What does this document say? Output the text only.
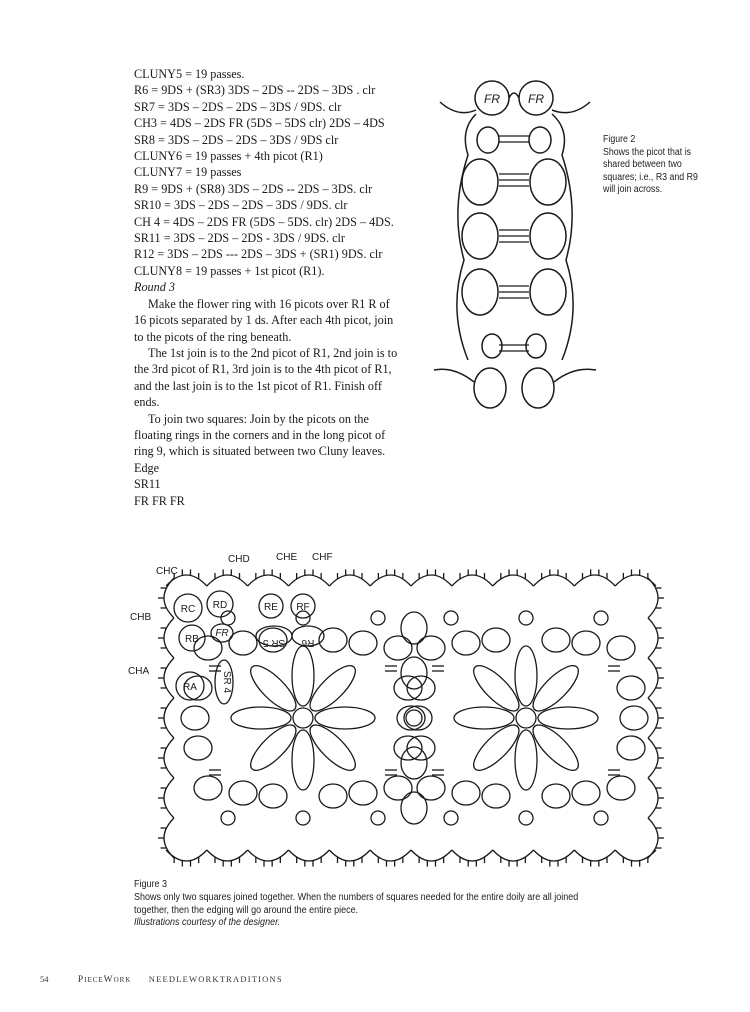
CLUNY5 = 19 passes.
R6 = 9DS + (SR3) 3DS – 2DS -- 2DS – 3DS . clr
SR7 = 3DS – 2DS – 2DS – 3DS / 9DS. clr
CH3 = 4DS – 2DS FR (5DS – 5DS clr) 2DS – 4DS
SR8 = 3DS – 2DS – 2DS – 3DS / 9DS clr
CLUNY6 = 19 passes + 4th picot (R1)
CLUNY7 = 19 passes
R9 = 9DS + (SR8) 3DS – 2DS -- 2DS – 3DS. clr
SR10 = 3DS – 2DS – 2DS – 3DS / 9DS. clr
CH 4 = 4DS – 2DS FR (5DS – 5DS. clr) 2DS – 4DS.
SR11 = 3DS – 2DS – 2DS - 3DS / 9DS. clr
R12 = 3DS – 2DS --- 2DS – 3DS + (SR1) 9DS. clr
CLUNY8 = 19 passes + 1st picot (R1).
Round 3
Make the flower ring with 16 picots over R1 R of
16 picots separated by 1 ds. After each 4th picot, join
to the picots of the ring beneath.
The 1st join is to the 2nd picot of R1, 2nd join is to
the 3rd picot of R1, 3rd join is to the 4th picot of R1,
and the last join is to the 1st picot of R1. Finish off
ends.
To join two squares: Join by the picots on the
floating rings in the corners and in the long picot of
ring 9, which is situated between two Cluny leaves.
Edge
SR11
FR FR FR
FR FR
Figure 2
Shows the picot that is
shared between two
squares; i.e., R3 and R9
will join across.
CHC
CHD	CHE CHF
CHB
CHA
RC RD	RE RF
RB
FR
RA SR 4
SR 5 R6
Figure 3
Shows only two squares joined together. When the numbers of squares needed for the entire doily are all joined
together, then the edging will go around the entire piece.
Illustrations courtesy of the designer.
54	PieceWork NEEDLEWORKTRADITIONS
